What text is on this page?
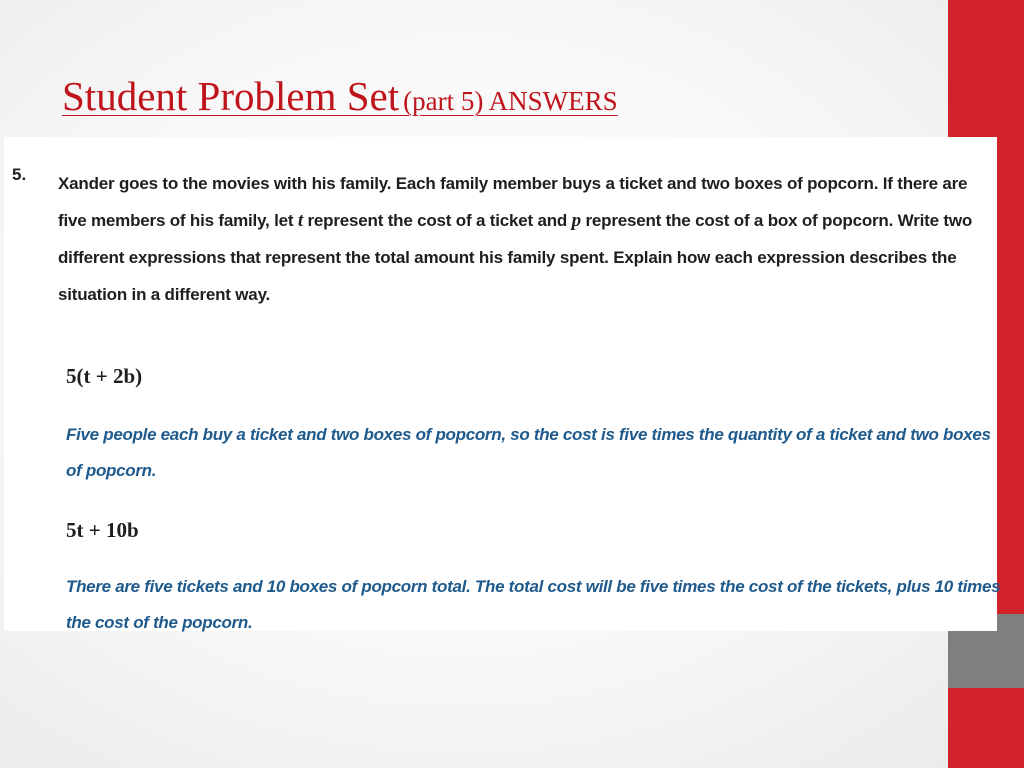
Student Problem Set (part 5) ANSWERS
5. Xander goes to the movies with his family. Each family member buys a ticket and two boxes of popcorn. If there are five members of his family, let t represent the cost of a ticket and p represent the cost of a box of popcorn. Write two different expressions that represent the total amount his family spent. Explain how each expression describes the situation in a different way.
5(t + 2b)
Five people each buy a ticket and two boxes of popcorn, so the cost is five times the quantity of a ticket and two boxes of popcorn.
5t + 10b
There are five tickets and 10 boxes of popcorn total. The total cost will be five times the cost of the tickets, plus 10 times the cost of the popcorn.
